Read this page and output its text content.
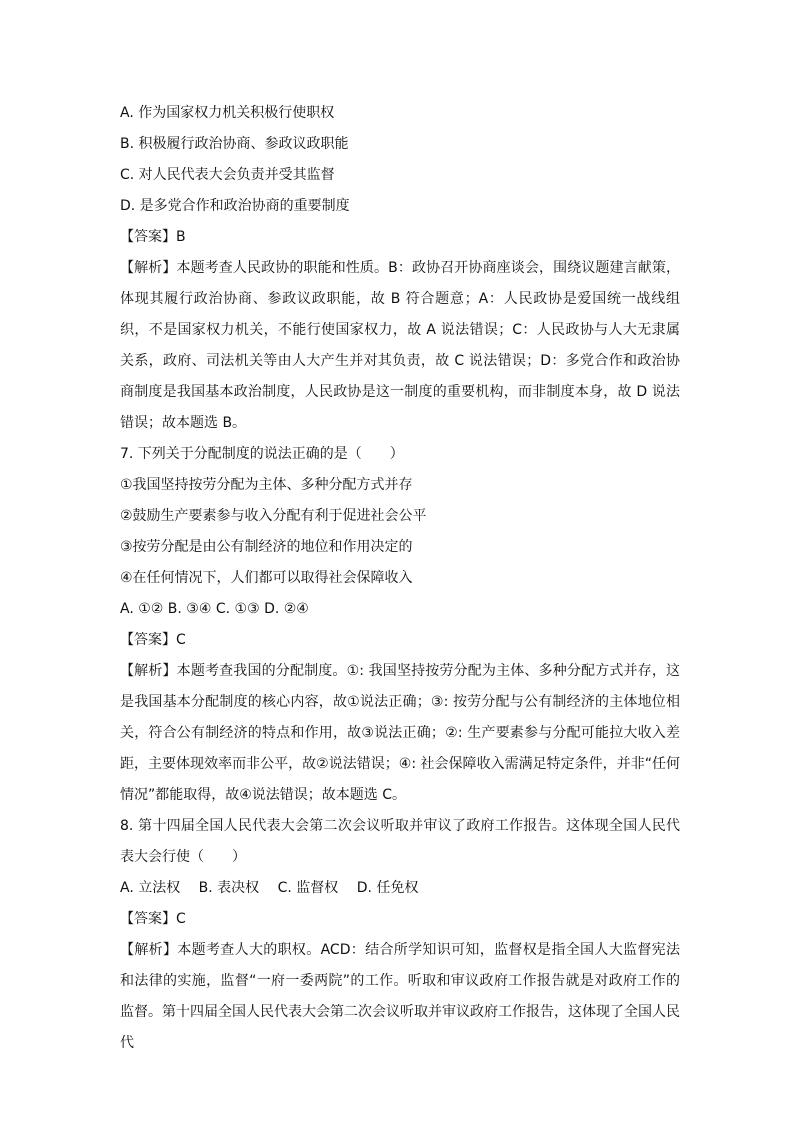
A. 作为国家权力机关积极行使职权
B. 积极履行政治协商、参政议政职能
C. 对人民代表大会负责并受其监督
D. 是多党合作和政治协商的重要制度
【答案】B
【解析】本题考查人民政协的职能和性质。B：政协召开协商座谈会，围绕议题建言献策，体现其履行政治协商、参政议政职能，故 B 符合题意；A：人民政协是爱国统一战线组织，不是国家权力机关，不能行使国家权力，故 A 说法错误；C：人民政协与人大无隶属关系，政府、司法机关等由人大产生并对其负责，故 C 说法错误；D：多党合作和政治协商制度是我国基本政治制度，人民政协是这一制度的重要机构，而非制度本身，故 D 说法错误；故本题选 B。
7. 下列关于分配制度的说法正确的是（　　）
①我国坚持按劳分配为主体、多种分配方式并存
②鼓励生产要素参与收入分配有利于促进社会公平
③按劳分配是由公有制经济的地位和作用决定的
④在任何情况下，人们都可以取得社会保障收入
A. ①② B. ③④ C. ①③ D. ②④
【答案】C
【解析】本题考查我国的分配制度。①: 我国坚持按劳分配为主体、多种分配方式并存，这是我国基本分配制度的核心内容，故①说法正确；③: 按劳分配与公有制经济的主体地位相关，符合公有制经济的特点和作用，故③说法正确；②: 生产要素参与分配可能拉大收入差距，主要体现效率而非公平，故②说法错误；④: 社会保障收入需满足特定条件，并非“任何情况”都能取得，故④说法错误；故本题选 C。
8. 第十四届全国人民代表大会第二次会议听取并审议了政府工作报告。这体现全国人民代表大会行使（　　）
A. 立法权　 B. 表决权　 C. 监督权　 D. 任免权
【答案】C
【解析】本题考查人大的职权。ACD：结合所学知识可知，监督权是指全国人大监督宪法和法律的实施，监督“一府一委两院”的工作。听取和审议政府工作报告就是对政府工作的监督。第十四届全国人民代表大会第二次会议听取并审议政府工作报告，这体现了全国人民代
